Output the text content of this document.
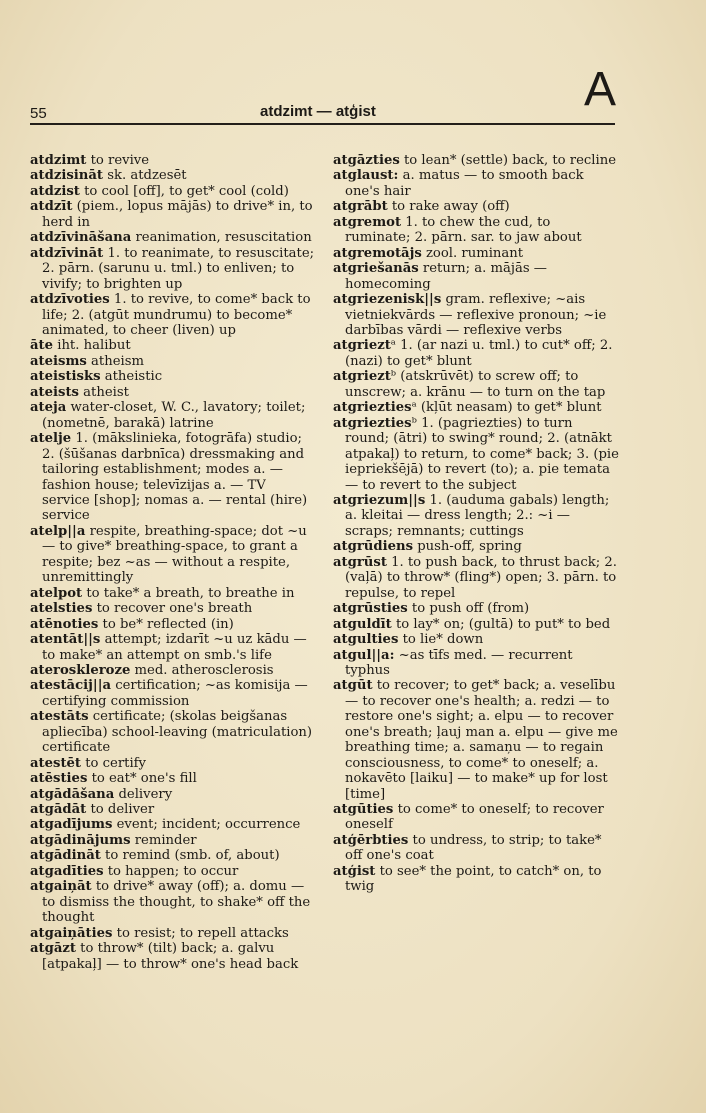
55	atdzimt — atģist	A

atdzimt to revive

atdzisināt sk. atdzesēt

atdzist to cool [off], to get* cool (cold)

atdzīt (piem., lopus mājās) to drive* in, to herd in

atdzīvināšana reanimation, resuscitation

atdzīvināt 1. to reanimate, to resuscitate; 2. pārn. (sarunu u. tml.) to enliven; to vivify; to brighten up

atdzīvoties 1. to revive, to come* back to life; 2. (atgūt mundrumu) to become* animated, to cheer (liven) up

āte iht. halibut

ateisms atheism

ateistisks atheistic

ateists atheist

ateja water-closet, W. C., lavatory; toilet; (nometnē, barakā) latrine

atelje 1. (mākslinieka, fotogrāfa) studio; 2. (šūšanas darbnīca) dressmaking and tailoring establishment; modes a. — fashion house; televīzijas a. — TV service [shop]; nomas a. — rental (hire) service

atelp||a respite, breathing-space; dot ~u — to give* breathing-space, to grant a respite; bez ~as — without a respite, unremittingly

atelpot to take* a breath, to breathe in

atelsties to recover one's breath

atēnoties to be* reflected (in)

atentāt||s attempt; izdarīt ~u uz kādu — to make* an attempt on smb.'s life

ateroskleroze med. atherosclerosis

atestācij||a certification; ~as komisija — certifying commission

atestāts certificate; (skolas beigšanas apliecība) school-leaving (matriculation) certificate

atestēt to certify

atēsties to eat* one's fill

atgādāšana delivery

atgādāt to deliver

atgadījums event; incident; occurrence

atgādinājums reminder

atgādināt to remind (smb. of, about)

atgadīties to happen; to occur

atgaiņāt to drive* away (off); a. domu — to dismiss the thought, to shake* off the thought

atgaiņāties to resist; to repell attacks

atgāzt to throw* (tilt) back; a. galvu [atpakaļ] — to throw* one's head back

atgāzties to lean* (settle) back, to recline

atglaust: a. matus — to smooth back one's hair

atgrābt to rake away (off)

atgremot 1. to chew the cud, to ruminate; 2. pārn. sar. to jaw about

atgremotājs zool. ruminant

atgriešanās return; a. mājās — homecoming

atgriezenisk||s gram. reflexive; ~ais vietniekvārds — reflexive pronoun; ~ie darbības vārdi — reflexive verbs

atgrieztᵃ 1. (ar nazi u. tml.) to cut* off; 2. (nazi) to get* blunt

atgrieztᵇ (atskrūvēt) to screw off; to unscrew; a. krānu — to turn on the tap

atgrieztiesᵃ (kļūt neasam) to get* blunt

atgrieztiesᵇ 1. (pagriezties) to turn round; (ātri) to swing* round; 2. (atnākt atpakaļ) to return, to come* back; 3. (pie iepriekšējā) to revert (to); a. pie temata — to revert to the subject

atgriezum||s 1. (auduma gabals) length; a. kleitai — dress length; 2.: ~i — scraps; remnants; cuttings

atgrūdiens push-off, spring

atgrūst 1. to push back, to thrust back; 2. (vaļā) to throw* (fling*) open; 3. pārn. to repulse, to repel

atgrūsties to push off (from)

atguldīt to lay* on; (gultā) to put* to bed

atgulties to lie* down

atgul||a: ~as tīfs med. — recurrent typhus

atgūt to recover; to get* back; a. veselību — to recover one's health; a. redzi — to restore one's sight; a. elpu — to recover one's breath; ļauj man a. elpu — give me breathing time; a. samaņu — to regain consciousness, to come* to oneself; a. nokavēto [laiku] — to make* up for lost [time]

atgūties to come* to oneself; to recover oneself

atģērbties to undress, to strip; to take* off one's coat

atģist to see* the point, to catch* on, to twig
